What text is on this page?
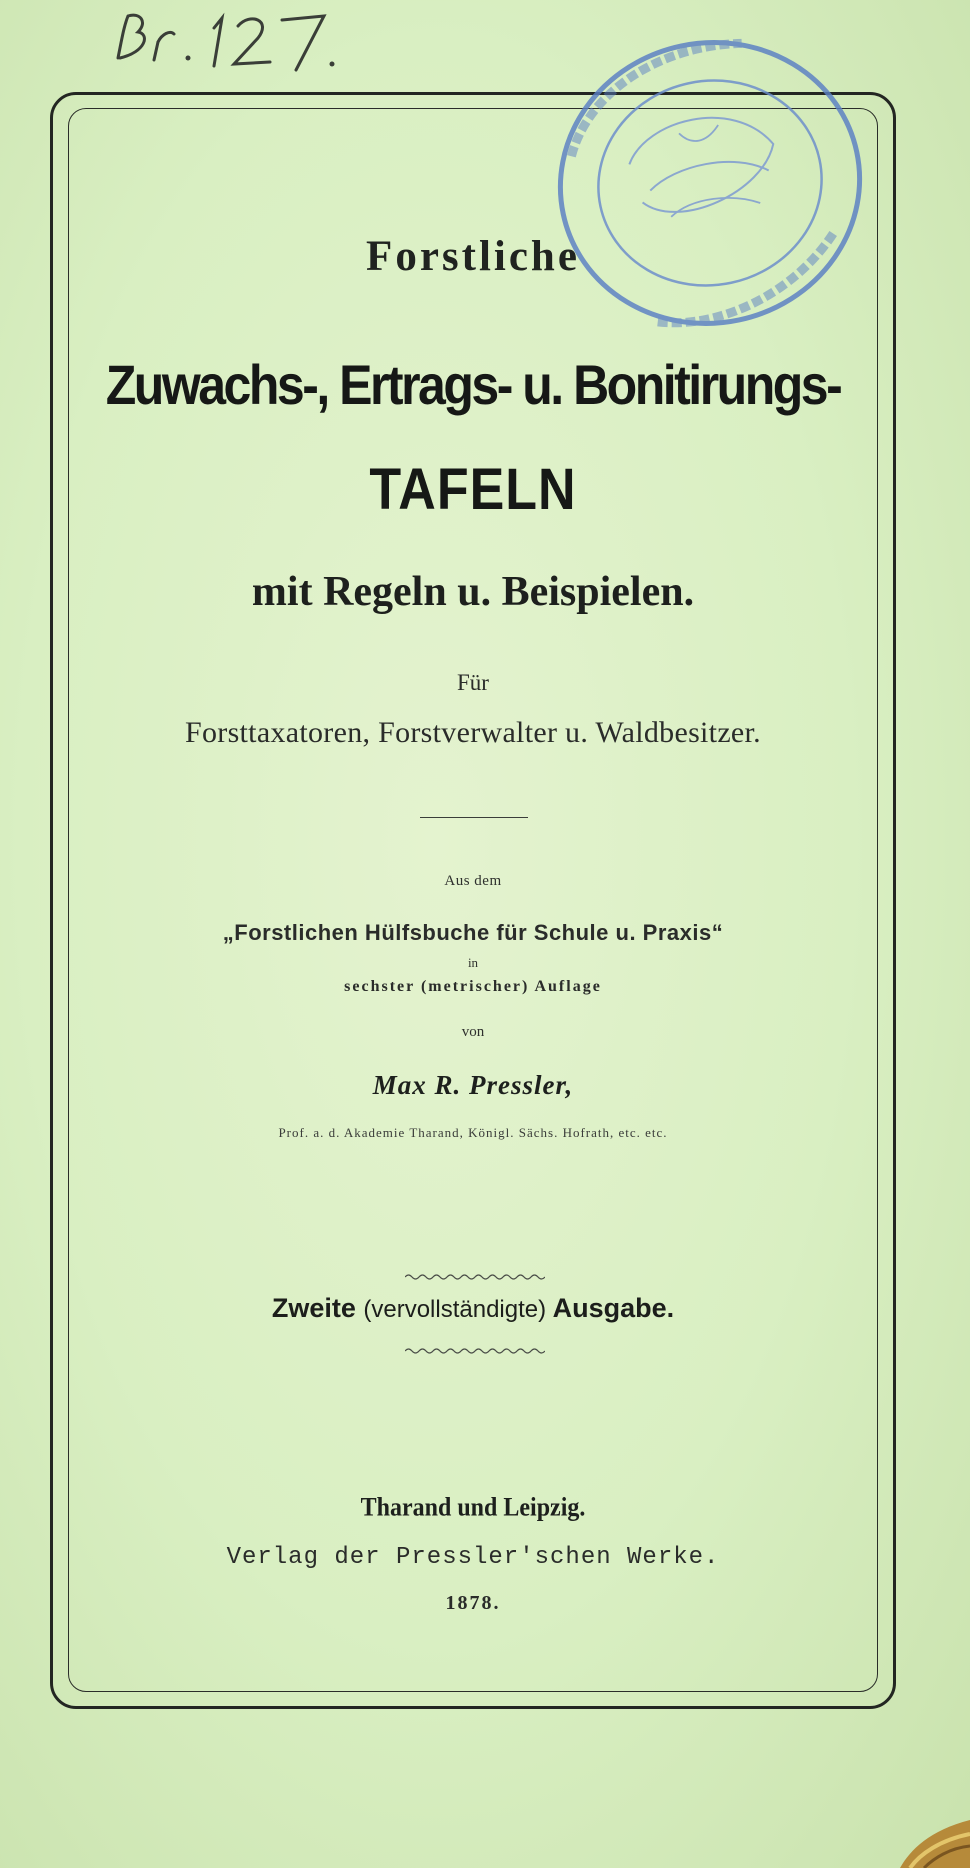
Forstliche
Zuwachs-, Ertrags- u. Bonitirungs-
TAFELN
mit Regeln u. Beispielen.
Für
Forsttaxatoren, Forstverwalter u. Waldbesitzer.
Aus dem
„Forstlichen Hülfsbuche für Schule u. Praxis“
in
sechster (metrischer) Auflage
von
Max R. Pressler,
Prof. a. d. Akademie Tharand, Königl. Sächs. Hofrath, etc. etc.
Zweite (vervollständigte) Ausgabe.
Tharand und Leipzig.
Verlag der Pressler'schen Werke.
1878.
